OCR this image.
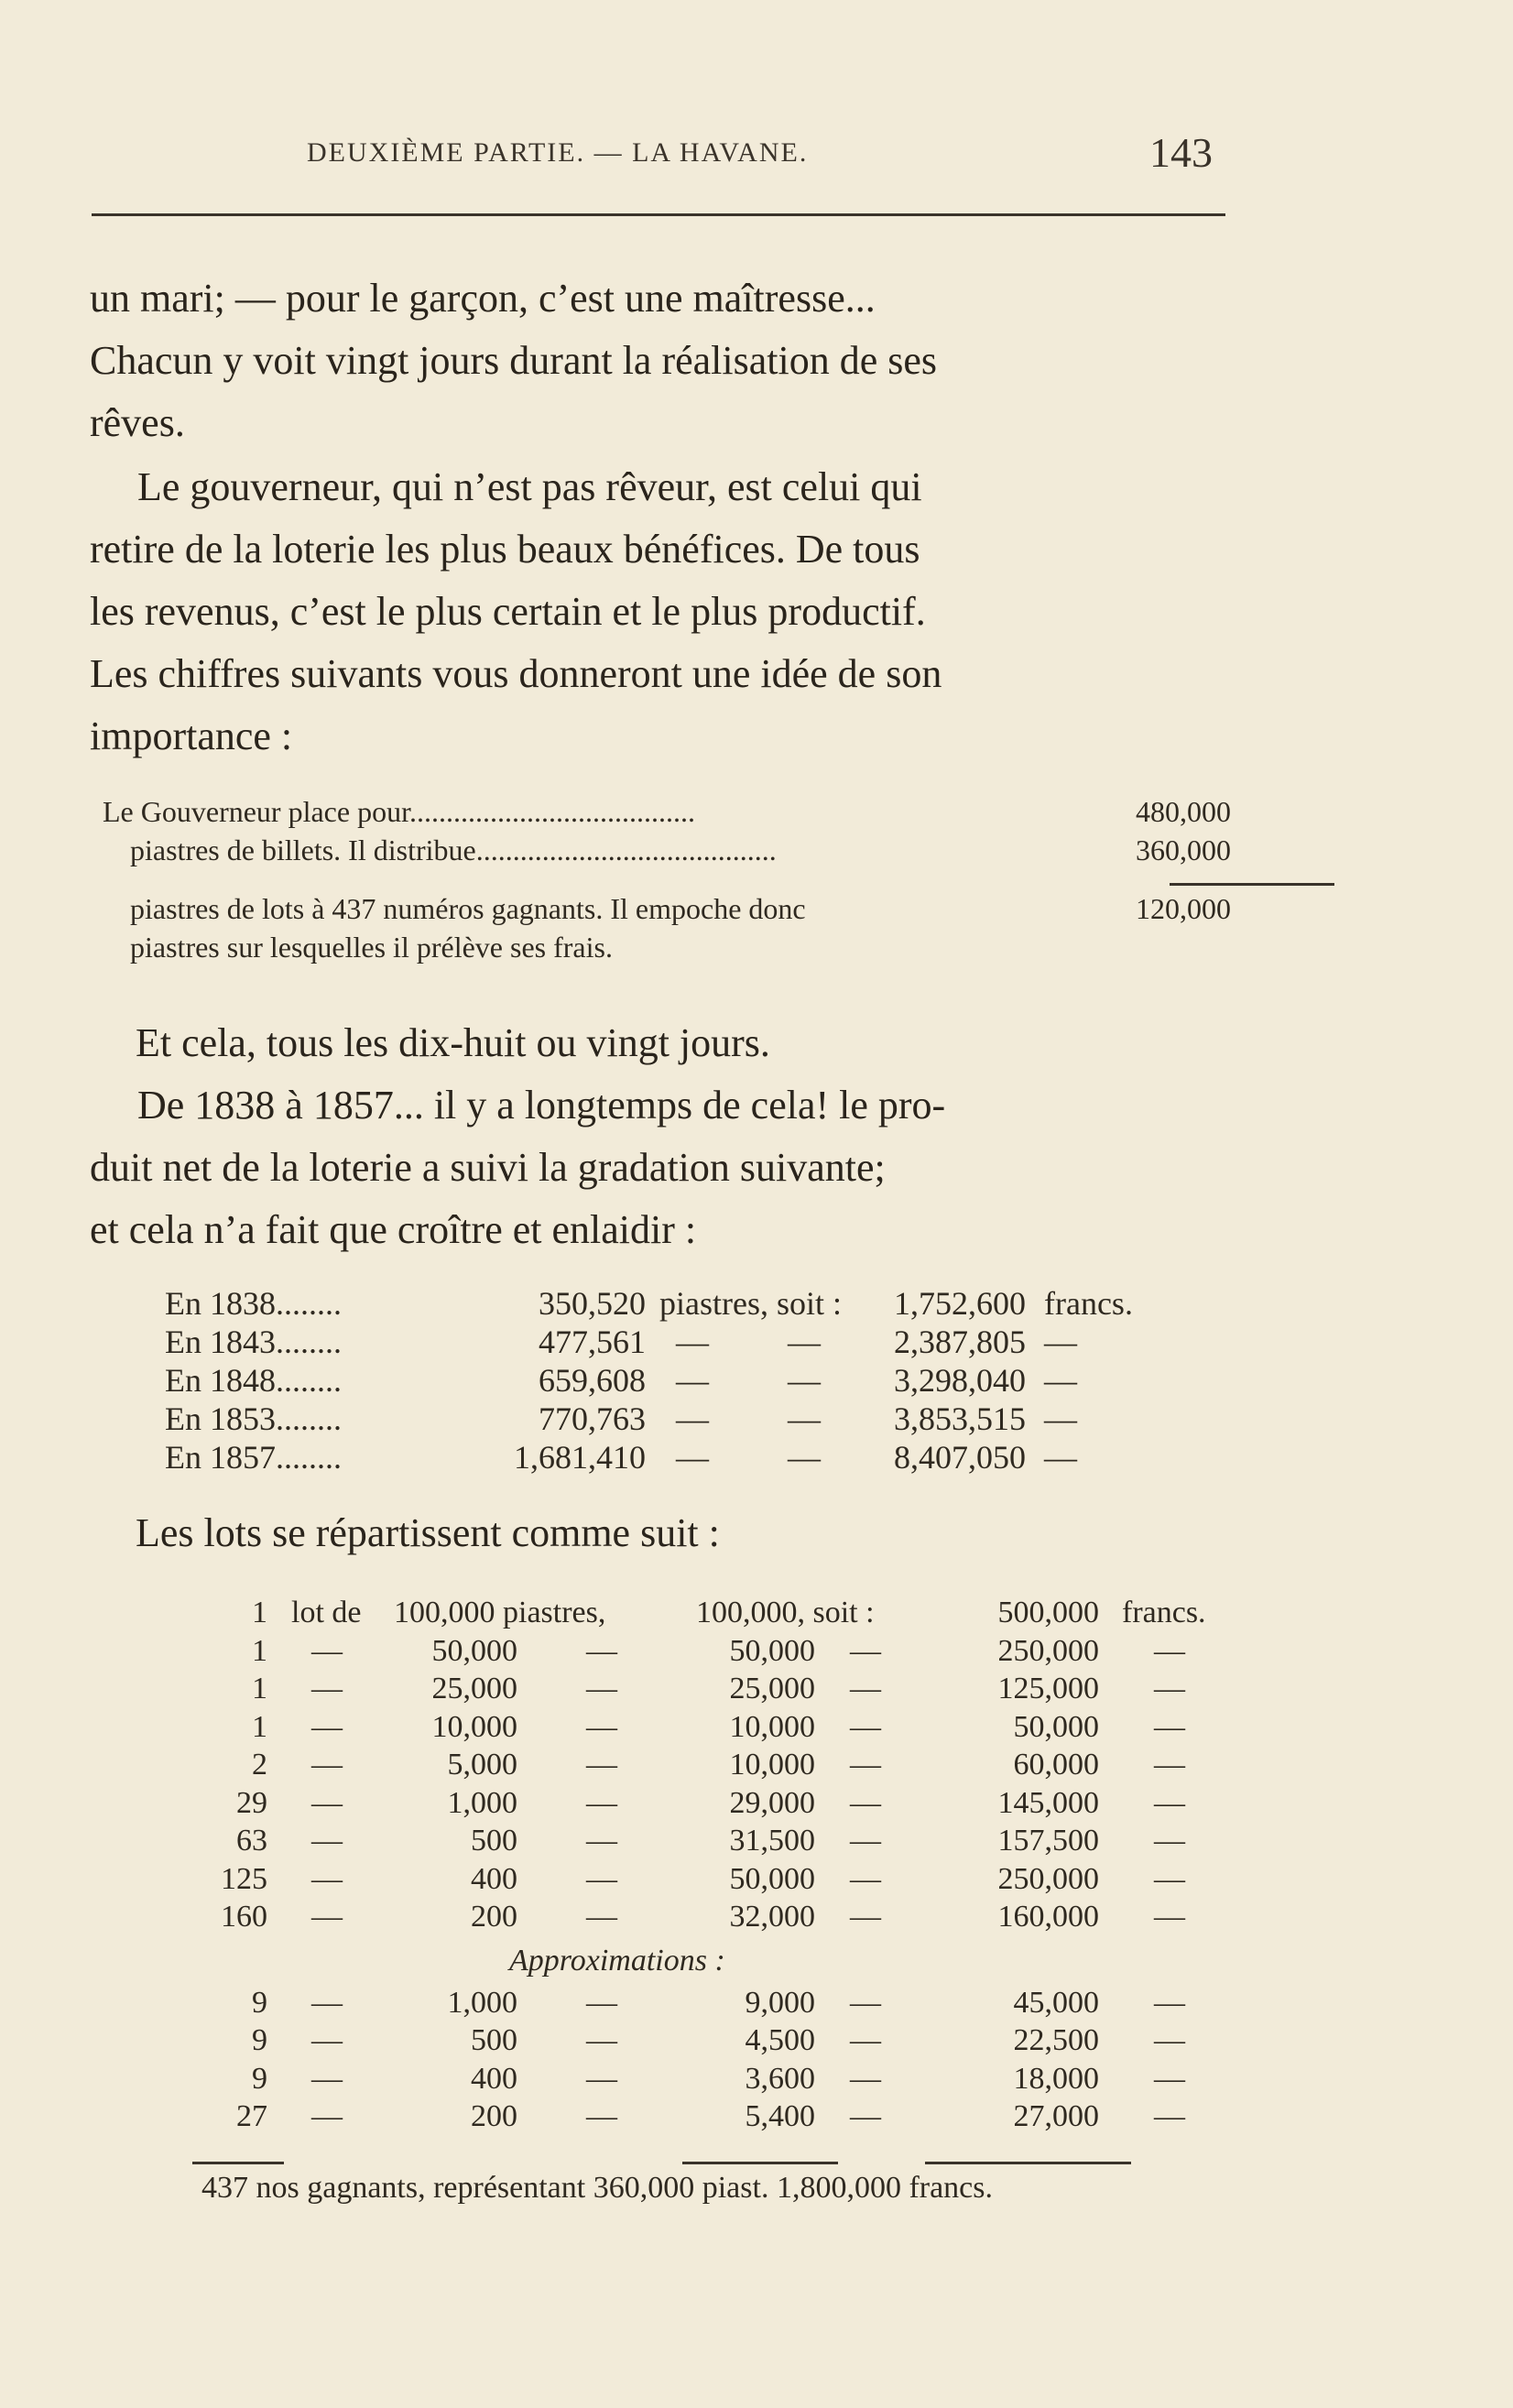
DEUXIÈME PARTIE. — LA HAVANE.	143
un mari; — pour le garçon, c’est une maîtresse...
Chacun y voit vingt jours durant la réalisation de ses
rêves.
Le gouverneur, qui n’est pas rêveur, est celui qui
retire de la loterie les plus beaux bénéfices. De tous
les revenus, c’est le plus certain et le plus productif.
Les chiffres suivants vous donneront une idée de son
importance :
Le Gouverneur place pour.......................................	480,000
piastres de billets. Il distribue.........................................	360,000
piastres de lots à 437 numéros gagnants. Il empoche donc	120,000
piastres sur lesquelles il prélève ses frais.
Et cela, tous les dix-huit ou vingt jours.
De 1838 à 1857... il y a longtemps de cela! le pro-
duit net de la loterie a suivi la gradation suivante;
et cela n’a fait que croître et enlaidir :
En 1838........	350,520 piastres, soit :	1,752,600 francs.
En 1843........	477,561 — —	2,387,805 —
En 1848........	659,608 — —	3,298,040 —
En 1853........	770,763 — —	3,853,515 —
En 1857........	1,681,410 — —	8,407,050 —
Les lots se répartissent comme suit :
1 lot de 100,000 piastres,	100,000, soit :	500,000 francs.
1 —	50,000 —	50,000 —	250,000 —
1 —	25,000 —	25,000 —	125,000 —
1 —	10,000 —	10,000 —	50,000 —
2 —	5,000 —	10,000 —	60,000 —
29 —	1,000 —	29,000 —	145,000 —
63 —	500 —	31,500 —	157,500 —
125 —	400 —	50,000 —	250,000 —
160 —	200 —	32,000 —	160,000 —
Approximations :
9 —	1,000 —	9,000 —	45,000 —
9 —	500 —	4,500 —	22,500 —
9 —	400 —	3,600 —	18,000 —
27 —	200 —	5,400 —	27,000 —
437 nos gagnants, représentant 360,000 piast. 1,800,000 francs.
